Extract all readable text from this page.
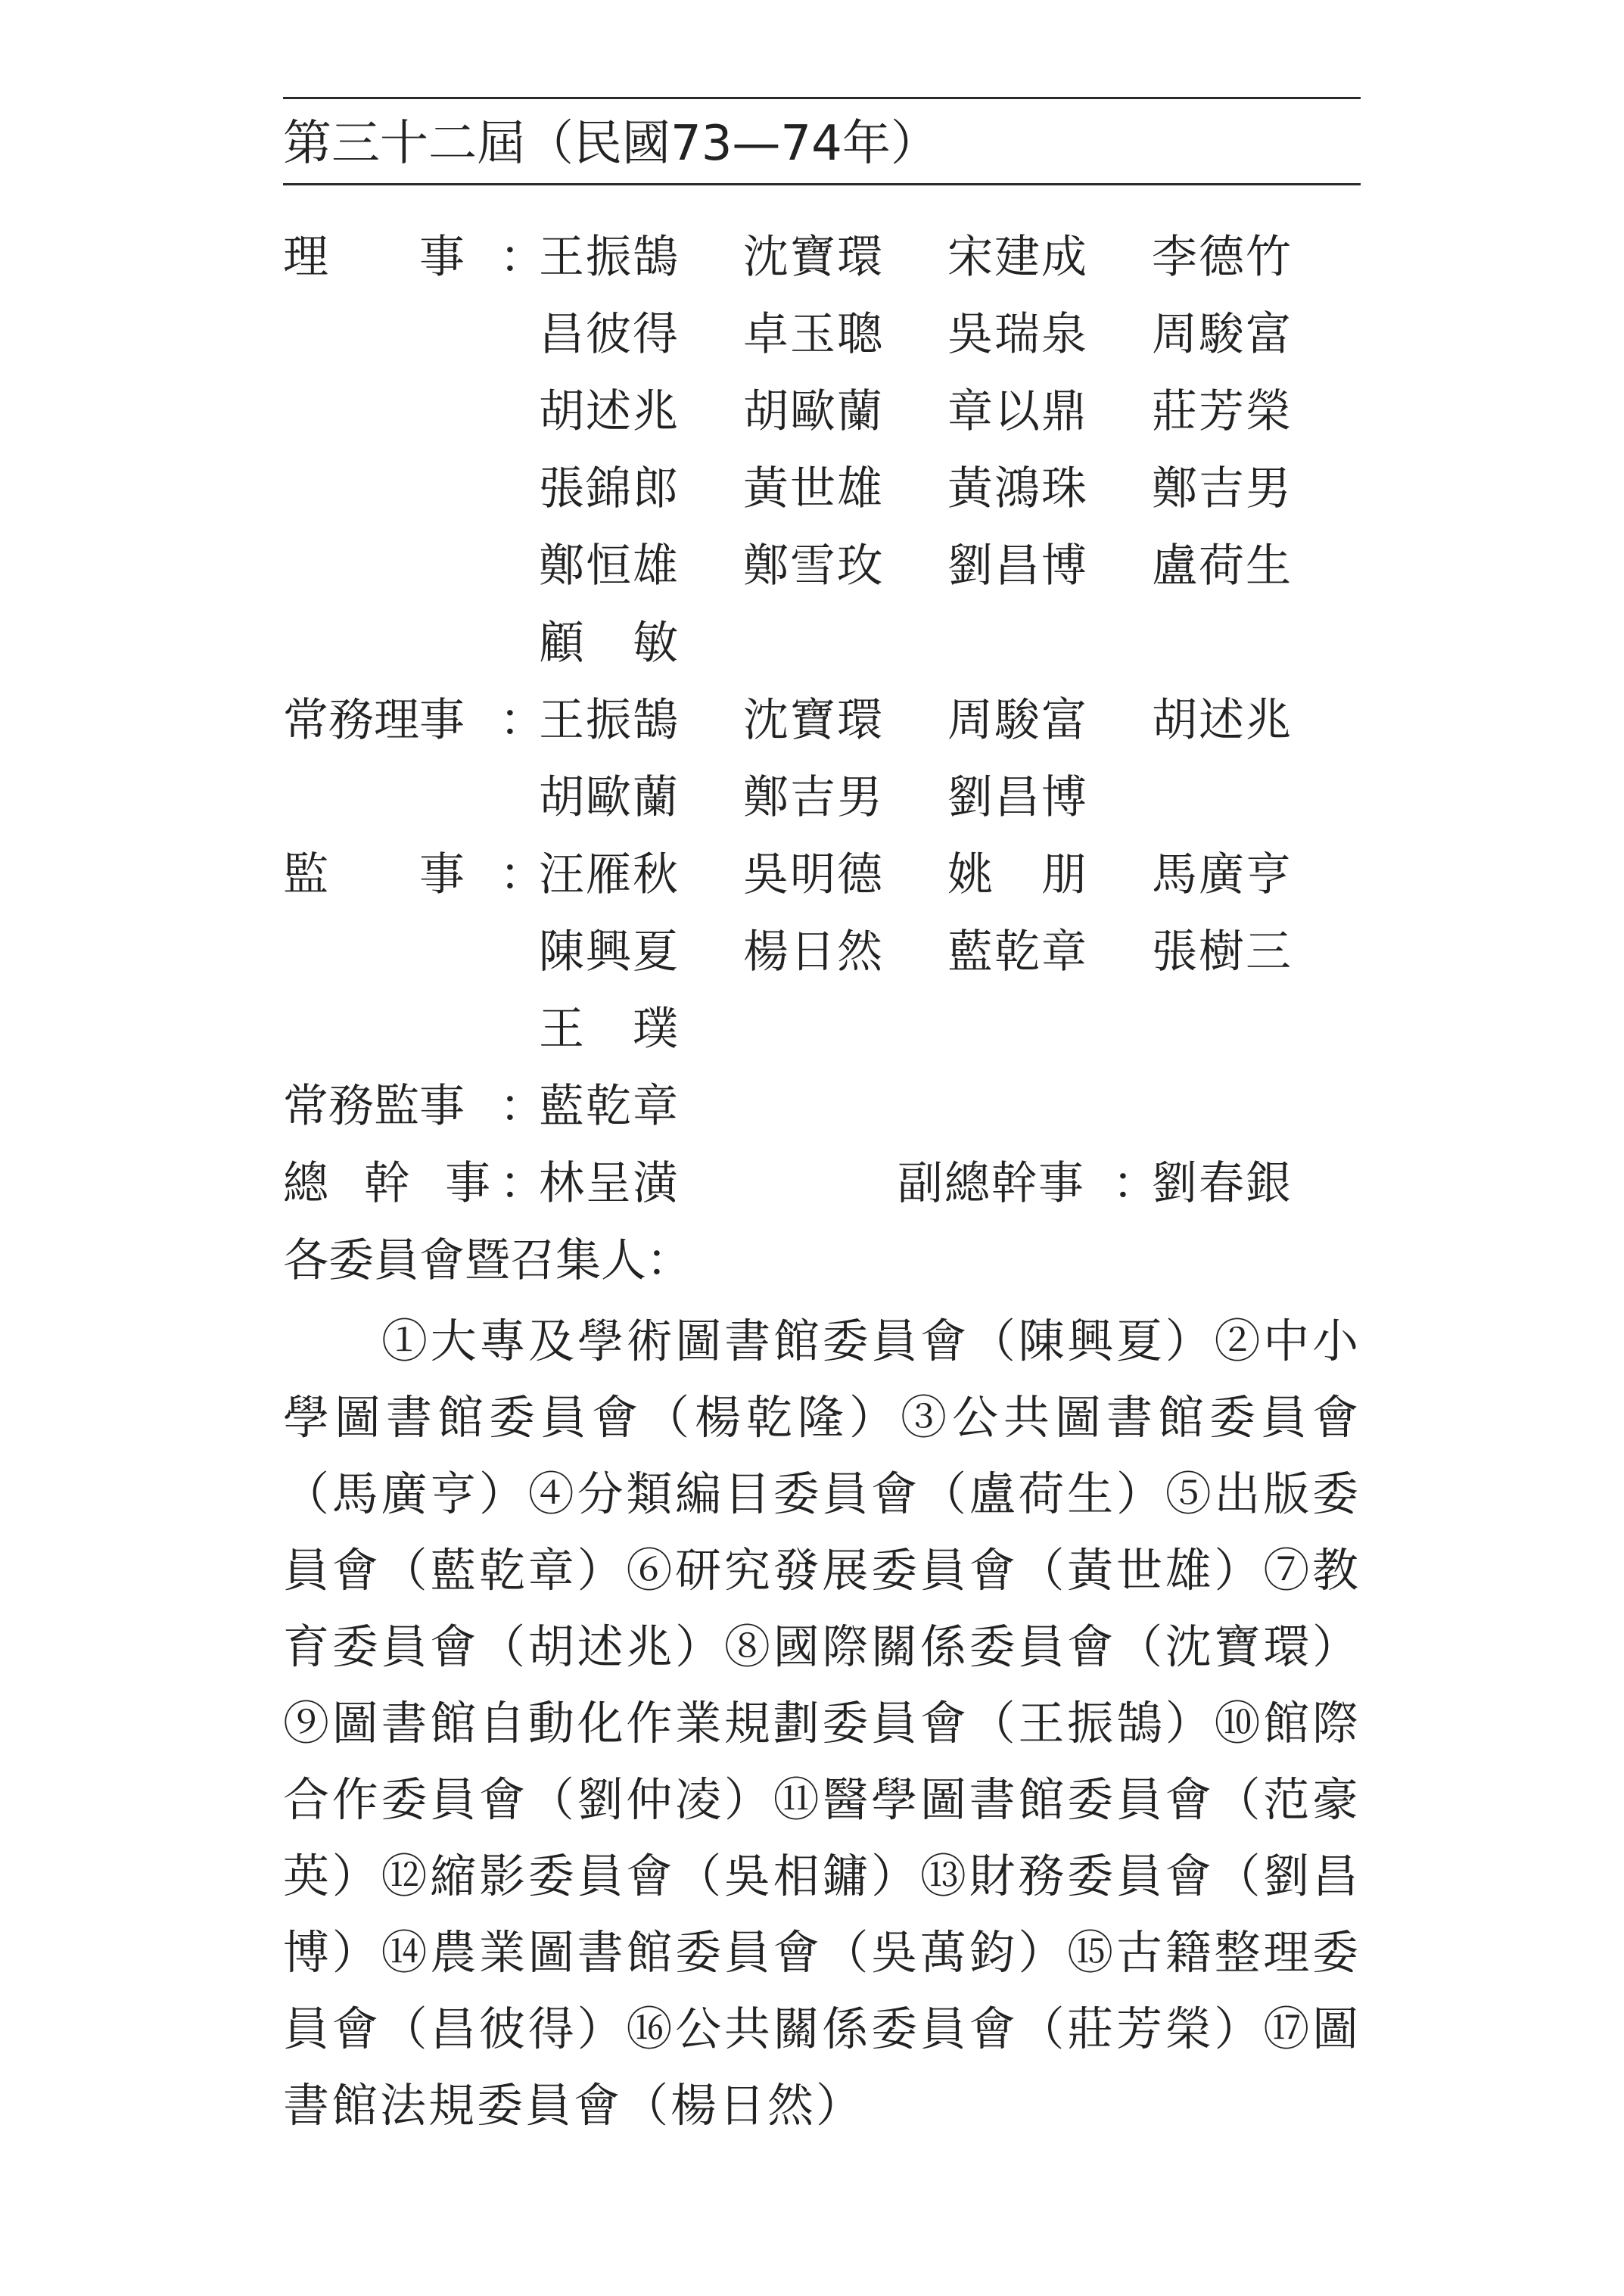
第三十二屆（民國73—74年）
理　　事 ：
王振鵠 沈寶環 宋建成 李德竹
昌彼得 卓玉聰 吳瑞泉 周駿富
胡述兆 胡歐蘭 章以鼎 莊芳榮
張錦郎 黃世雄 黃鴻珠 鄭吉男
鄭恒雄 鄭雪玫 劉昌博 盧荷生
顧　敏
常務理事 ：
王振鵠 沈寶環 周駿富 胡述兆
胡歐蘭 鄭吉男 劉昌博
監　　事 ：
汪雁秋 吳明德 姚　朋 馬廣亨
陳興夏 楊日然 藍乾章 張樹三
王　璞
常務監事 ：
藍乾章
總 幹 事
：
林呈潢	副總幹事 ：
劉春銀
各委員會暨召集人：

①大專及學術圖書館委員會（陳興夏）②中小學圖書館委員會（楊乾隆）③公共圖書館委員會（馬廣亨）④分類編目委員會（盧荷生）⑤出版委員會（藍乾章）⑥研究發展委員會（黃世雄）⑦教育委員會（胡述兆）⑧國際關係委員會（沈寶環）⑨圖書館自動化作業規劃委員會（王振鵠）⑩館際合作委員會（劉仲凌）⑪醫學圖書館委員會（范豪英）⑫縮影委員會（吳相鏞）⑬財務委員會（劉昌博）⑭農業圖書館委員會（吳萬鈞）⑮古籍整理委員會（昌彼得）⑯公共關係委員會（莊芳榮）⑰圖書館法規委員會（楊日然）
